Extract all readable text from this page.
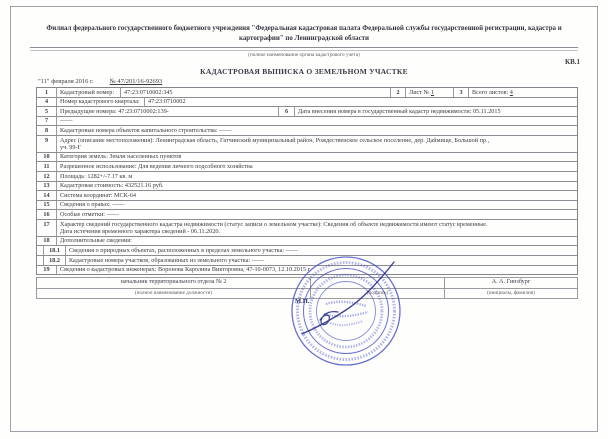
Филиал федерального государственного бюджетного учреждения "Федеральная кадастровая палата Федеральной службы государственной регистрации, кадастра и картографии" по Ленинградской области
(полное наименование органа кадастрового учета)
КВ.1
КАДАСТРОВАЯ ВЫПИСКА О ЗЕМЕЛЬНОМ УЧАСТКЕ
"11" февраля 2016 г. № 47/201/16-92693
1	Кадастровый номер:	47:23:0710002:345	2	Лист № 1	3	Всего листов: 4
4	Номер кадастрового квартала:	47:23:0710002
5	Предыдущие номера: 47:23:0710002:139-	6	Дата внесения номера в государственный кадастр недвижимости: 05.11.2015
7	——
8	Кадастровые номера объектов капитального строительства: ——
9	Адрес (описание местоположения): Ленинградская область, Гатчинский муниципальный район, Рождественское сельское поселение, дер. Даймище, Большой пр.,
уч. 99-Г
10	Категория земель: Земли населенных пунктов
11	Разрешенное использование: Для ведения личного подсобного хозяйства
12	Площадь: 1282+/-7.17 кв. м
13	Кадастровая стоимость: 432521.16 руб.
14	Система координат: МСК-64
15	Сведения о правах: ——
16	Особые отметки: ——
17	Характер сведений государственного кадастра недвижимости (статус записи о земельном участке): Сведения об объекте недвижимости имеют статус временные.
Дата истечения временного характера сведений - 06.11.2020.
18	Дополнительные сведения:
18.1	Сведения о природных объектах, расположенных в пределах земельного участка: ——
18.2	Кадастровые номера участков, образованных из земельного участка: ——
19	Сведения о кадастровых инженерах: Воронова Каролина Викторовна, 47-10-0073, 12.10.2015 г.
начальник территориального отдела № 2	А. А. Гинзбург
(полное наименование должности)	(подпись)	(инициалы, фамилия)
М.П.
